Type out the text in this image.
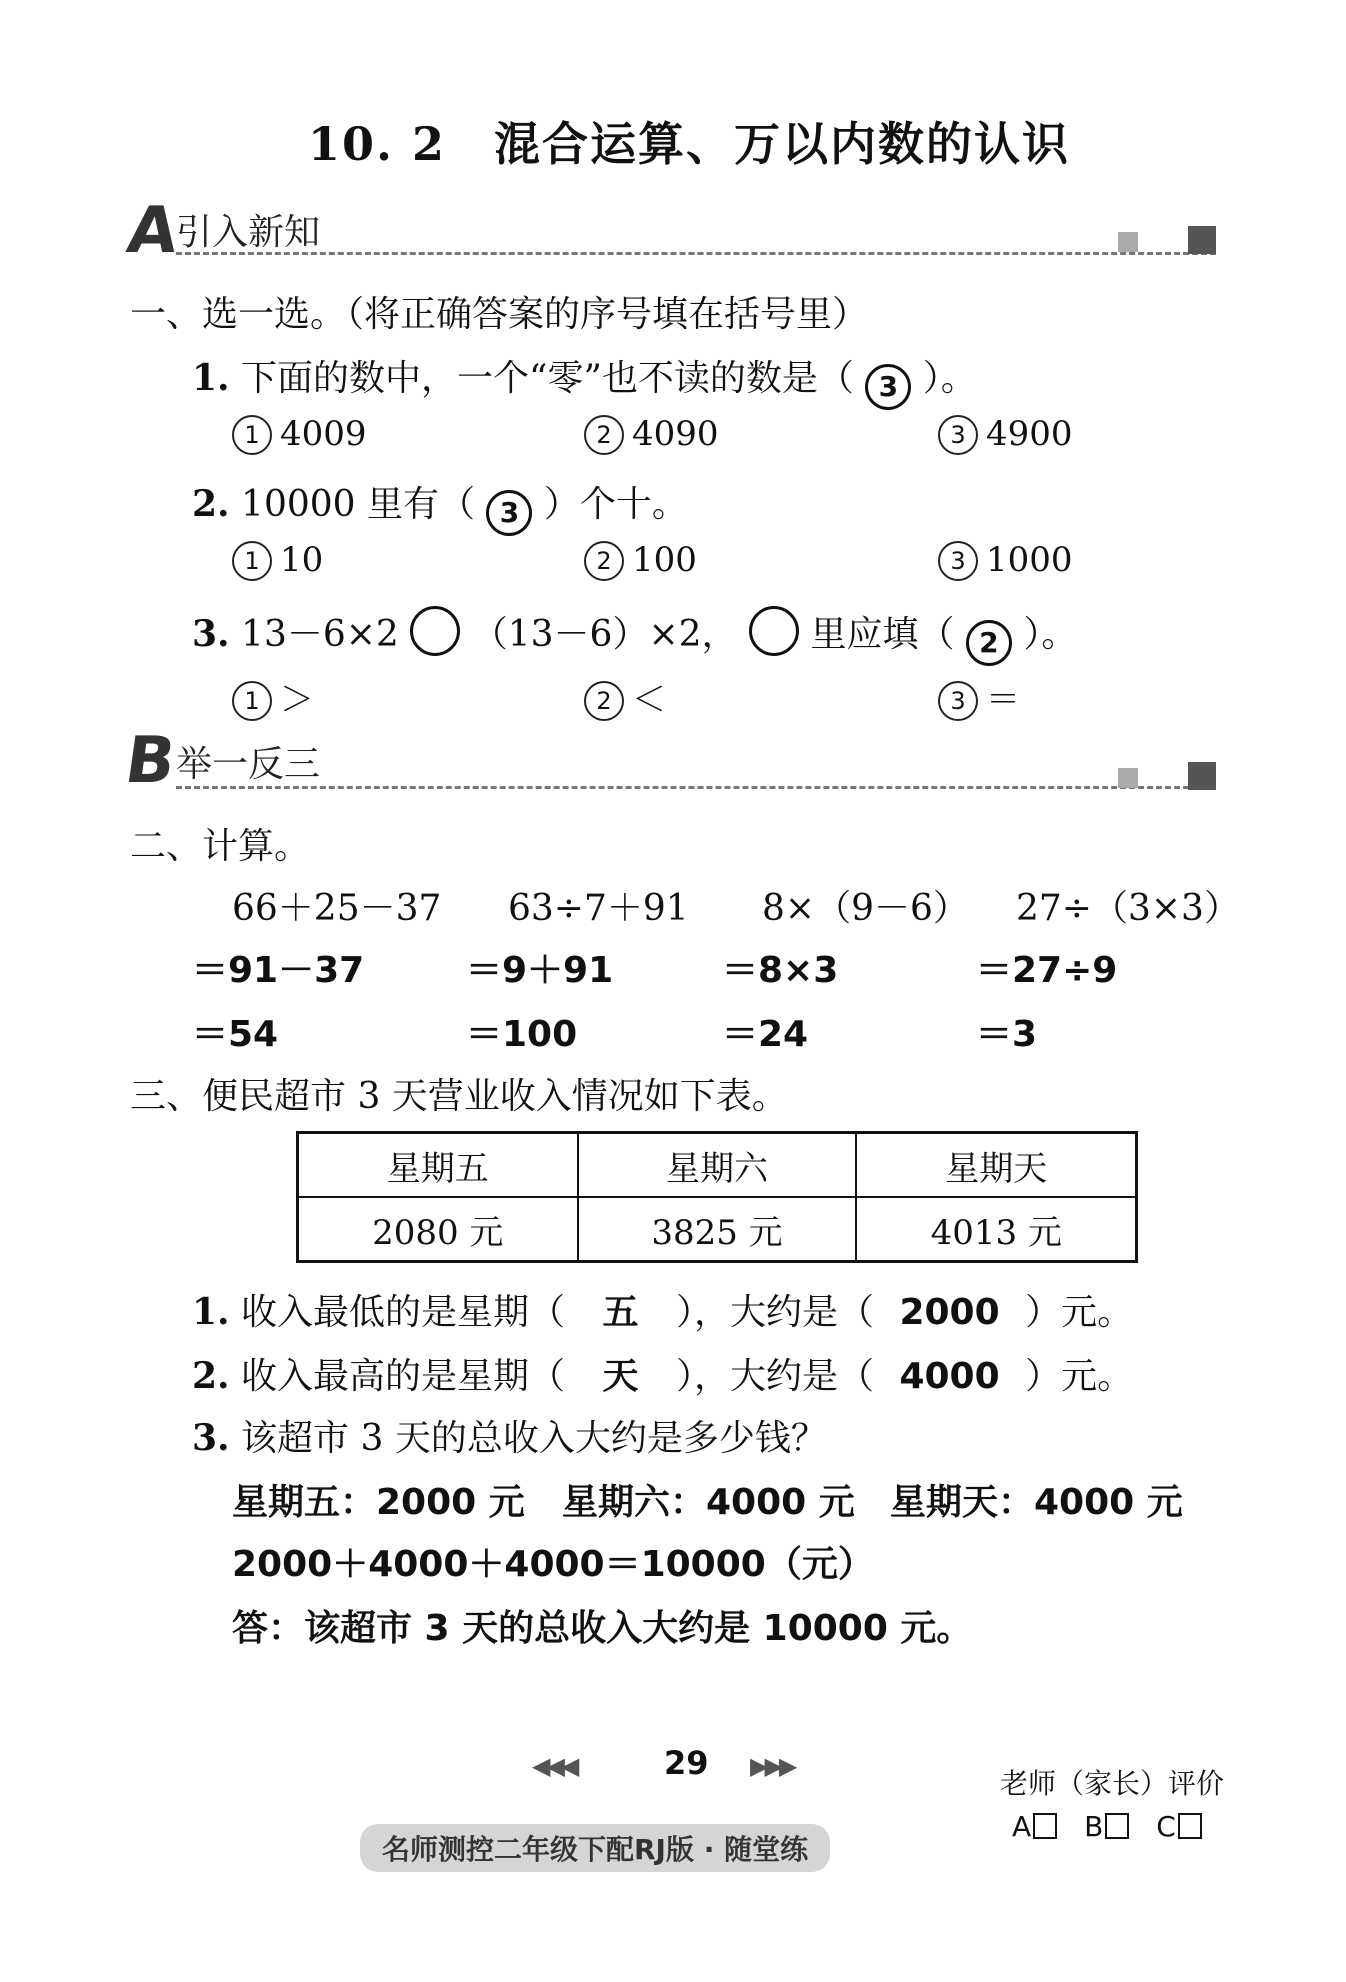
10. 2　混合运算、万以内数的认识
A
引入新知
一、选一选。（将正确答案的序号填在括号里）
1. 下面的数中，一个“零”也不读的数是（ 3 ）。
1 4009	2 4090	3 4900
2. 10000 里有（ 3 ）个十。
1 10	2 100	3 1000
3. 13－6×2 （13－6）×2， 里应填（ 2 ）。
1 ＞	2 ＜	3 ＝
B
举一反三
二、计算。
66＋25－37
＝91－37
＝54
63÷7＋91
＝9＋91
＝100
8×（9－6）
＝8×3
＝24
27÷（3×3）
＝27÷9
＝3
三、便民超市 3 天营业收入情况如下表。
星期五	星期六	星期天
2080 元	3825 元	4013 元
1. 收入最低的是星期（ 五 ），大约是（ 2000 ）元。
2. 收入最高的是星期（ 天 ），大约是（ 4000 ）元。
3. 该超市 3 天的总收入大约是多少钱？
星期五：2000 元 星期六：4000 元 星期天：4000 元
2000＋4000＋4000＝10000（元）
答：该超市 3 天的总收入大约是 10000 元。
◀◀◀	29 ▶▶▶
名师测控二年级下配RJ版 · 随堂练
老师（家长）评价
A B C
